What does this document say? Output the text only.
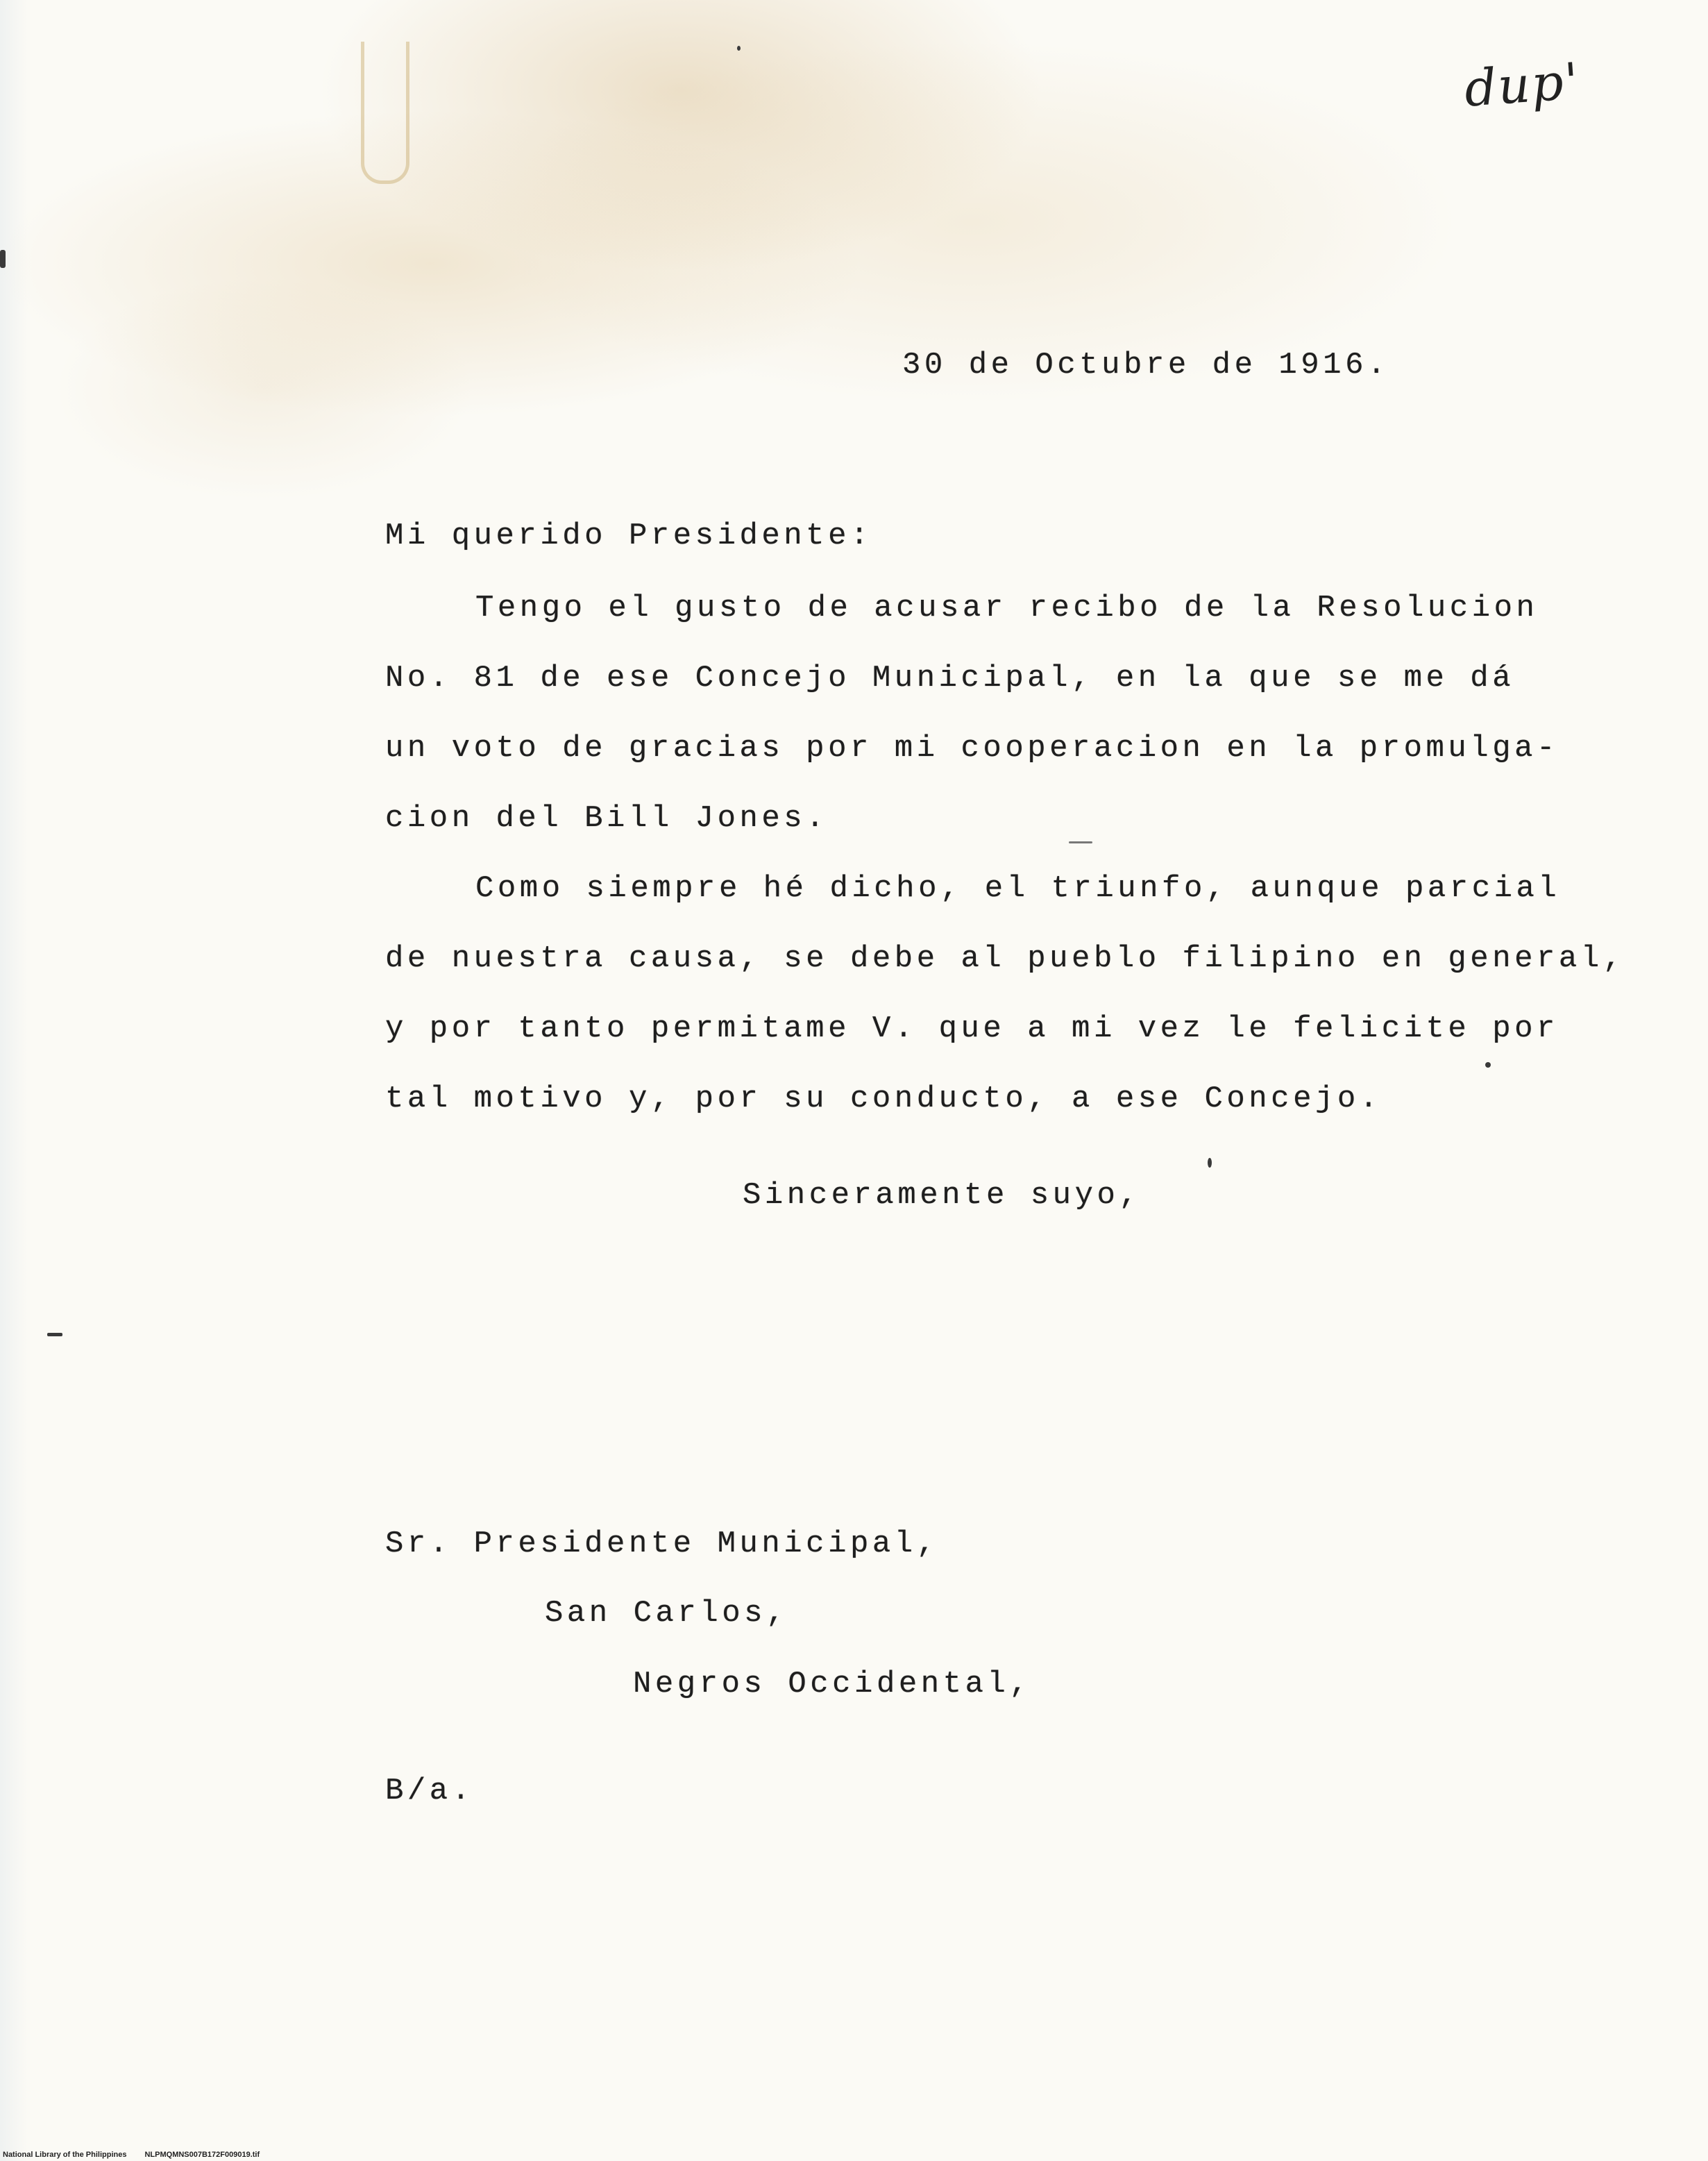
dup'
30 de Octubre de 1916.
Mi querido Presidente:
Tengo el gusto de acusar recibo de la Resolucion
No. 81 de ese Concejo Municipal, en la que se me dá
un voto de gracias por mi cooperacion en la promulga-
cion del Bill Jones.
Como siempre hé dicho, el triunfo, aunque parcial
de nuestra causa, se debe al pueblo filipino en general,
y por tanto permitame V. que a mi vez le felicite por
tal motivo y, por su conducto, a ese Concejo.
Sinceramente suyo,
Sr. Presidente Municipal,
San Carlos,
Negros Occidental,
B/a.
National Library of the Philippines NLPMQMNS007B172F009019.tif
